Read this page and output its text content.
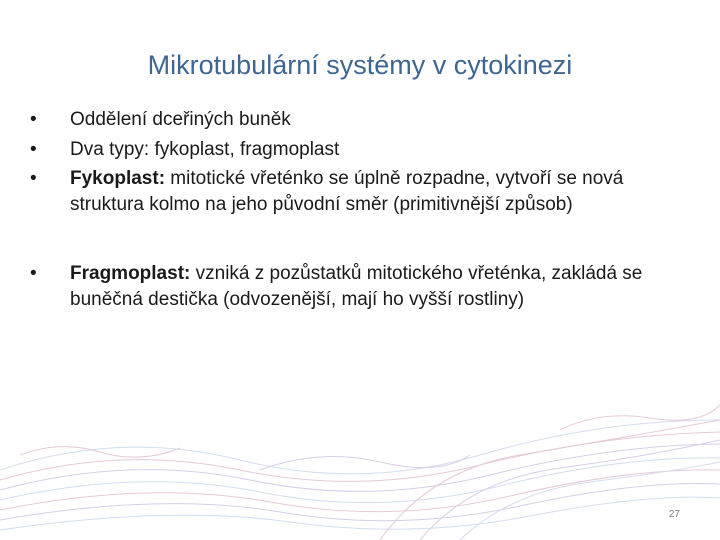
Mikrotubulární systémy v cytokinezi
• Oddělení dceřiných buněk
• Dva typy: fykoplast, fragmoplast
• Fykoplast: mitotické vřeténko se úplně rozpadne, vytvoří se nová struktura kolmo na jeho původní směr (primitivnější způsob)
• Fragmoplast: vzniká z pozůstatků mitotického vřeténka, zakládá se buněčná destička (odvozenější, mají ho vyšší rostliny)
27
